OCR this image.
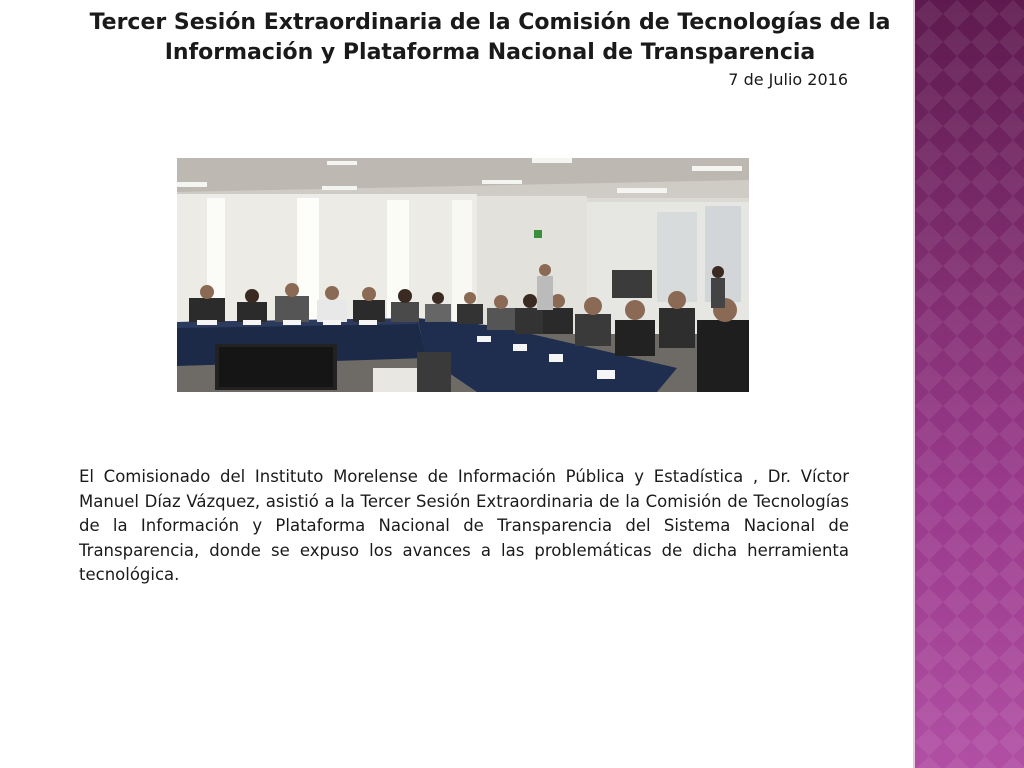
Tercer Sesión Extraordinaria de la Comisión de Tecnologías de la Información y Plataforma Nacional de Transparencia
7 de Julio 2016

El Comisionado del Instituto Morelense de Información Pública y Estadística , Dr. Víctor Manuel Díaz Vázquez, asistió a la Tercer Sesión Extraordinaria de la Comisión de Tecnologías de la Información y Plataforma Nacional de Transparencia del Sistema Nacional de Transparencia, donde se expuso los avances a las problemáticas de dicha herramienta tecnológica.
